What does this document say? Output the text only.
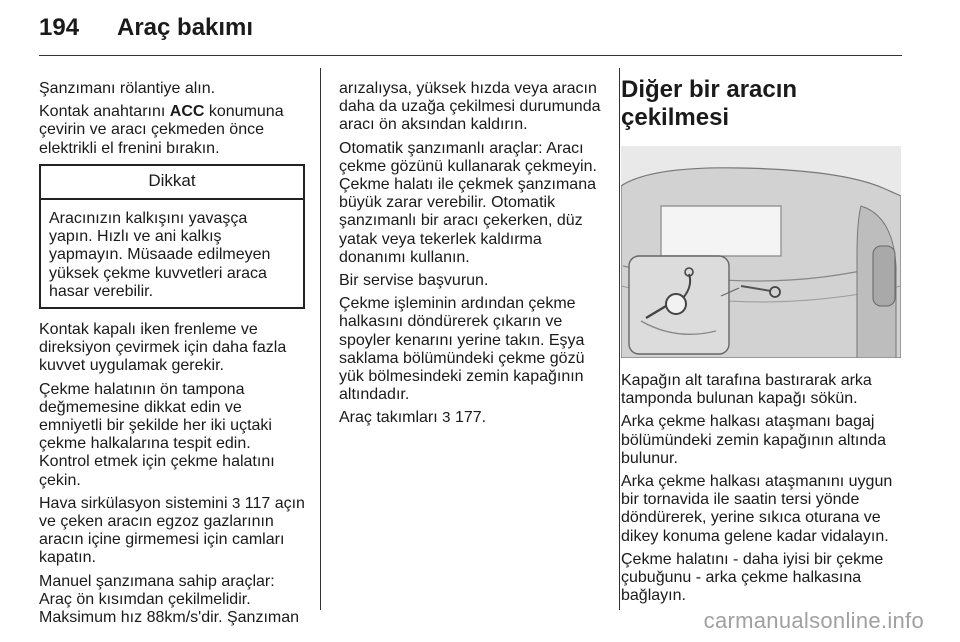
194 Araç bakımı

Şanzımanı rölantiye alın.

Kontak anahtarını ACC konumuna çevirin ve aracı çekmeden önce elektrikli el frenini bırakın.

Dikkat
Aracınızın kalkışını yavaşça yapın. Hızlı ve ani kalkış yapmayın. Müsaade edilmeyen yüksek çekme kuvvetleri araca hasar verebilir.

Kontak kapalı iken frenleme ve direksiyon çevirmek için daha fazla kuvvet uygulamak gerekir.

Çekme halatının ön tampona değmemesine dikkat edin ve emniyetli bir şekilde her iki uçtaki çekme halkalarına tespit edin. Kontrol etmek için çekme halatını çekin.

Hava sirkülasyon sistemini 3 117 açın ve çeken aracın egzoz gazlarının aracın içine girmemesi için camları kapatın.

Manuel şanzımana sahip araçlar: Araç ön kısımdan çekilmelidir. Maksimum hız 88km/s'dir. Şanzıman

arızalıysa, yüksek hızda veya aracın daha da uzağa çekilmesi durumunda aracı ön aksından kaldırın.

Otomatik şanzımanlı araçlar: Aracı çekme gözünü kullanarak çekmeyin. Çekme halatı ile çekmek şanzımana büyük zarar verebilir. Otomatik şanzımanlı bir aracı çekerken, düz yatak veya tekerlek kaldırma donanımı kullanın.

Bir servise başvurun.

Çekme işleminin ardından çekme halkasını döndürerek çıkarın ve spoyler kenarını yerine takın. Eşya saklama bölümündeki çekme gözü yük bölmesindeki zemin kapağının altındadır.

Araç takımları 3 177.

Diğer bir aracın çekilmesi

Kapağın alt tarafına bastırarak arka tamponda bulunan kapağı sökün.

Arka çekme halkası ataşmanı bagaj bölümündeki zemin kapağının altında bulunur.

Arka çekme halkası ataşmanını uygun bir tornavida ile saatin tersi yönde döndürerek, yerine sıkıca oturana ve dikey konuma gelene kadar vidalayın.

Çekme halatını - daha iyisi bir çekme çubuğunu - arka çekme halkasına bağlayın.

carmanualsonline.info
